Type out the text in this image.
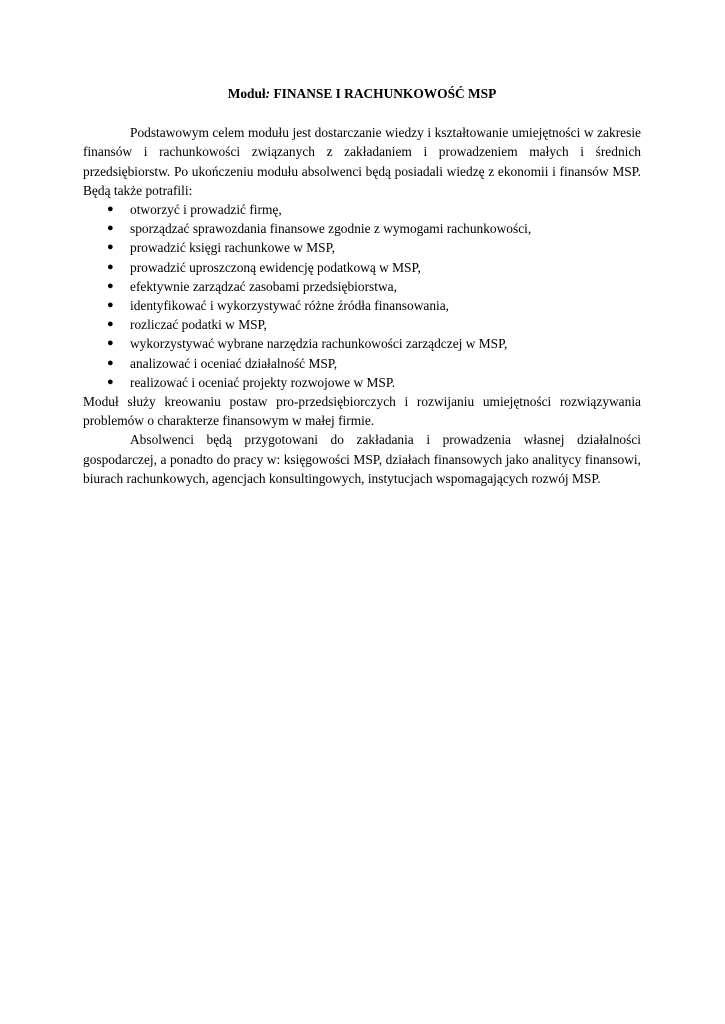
Moduł: FINANSE I RACHUNKOWOŚĆ MSP

Podstawowym celem modułu jest dostarczanie wiedzy i kształtowanie umiejętności w zakresie finansów i rachunkowości związanych z zakładaniem i prowadzeniem małych i średnich przedsiębiorstw. Po ukończeniu modułu absolwenci będą posiadali wiedzę z ekonomii i finansów MSP. Będą także potrafili:

● otworzyć i prowadzić firmę,
● sporządzać sprawozdania finansowe zgodnie z wymogami rachunkowości,
● prowadzić księgi rachunkowe w MSP,
● prowadzić uproszczoną ewidencję podatkową w MSP,
● efektywnie zarządzać zasobami przedsiębiorstwa,
● identyfikować i wykorzystywać różne źródła finansowania,
● rozliczać podatki w MSP,
● wykorzystywać wybrane narzędzia rachunkowości zarządczej w MSP,
● analizować i oceniać działalność MSP,
● realizować i oceniać projekty rozwojowe w MSP.

Moduł służy kreowaniu postaw pro-przedsiębiorczych i rozwijaniu umiejętności rozwiązywania problemów o charakterze finansowym w małej firmie.

Absolwenci będą przygotowani do zakładania i prowadzenia własnej działalności gospodarczej, a ponadto do pracy w: księgowości MSP, działach finansowych jako analitycy finansowi, biurach rachunkowych, agencjach konsultingowych, instytucjach wspomagających rozwój MSP.
